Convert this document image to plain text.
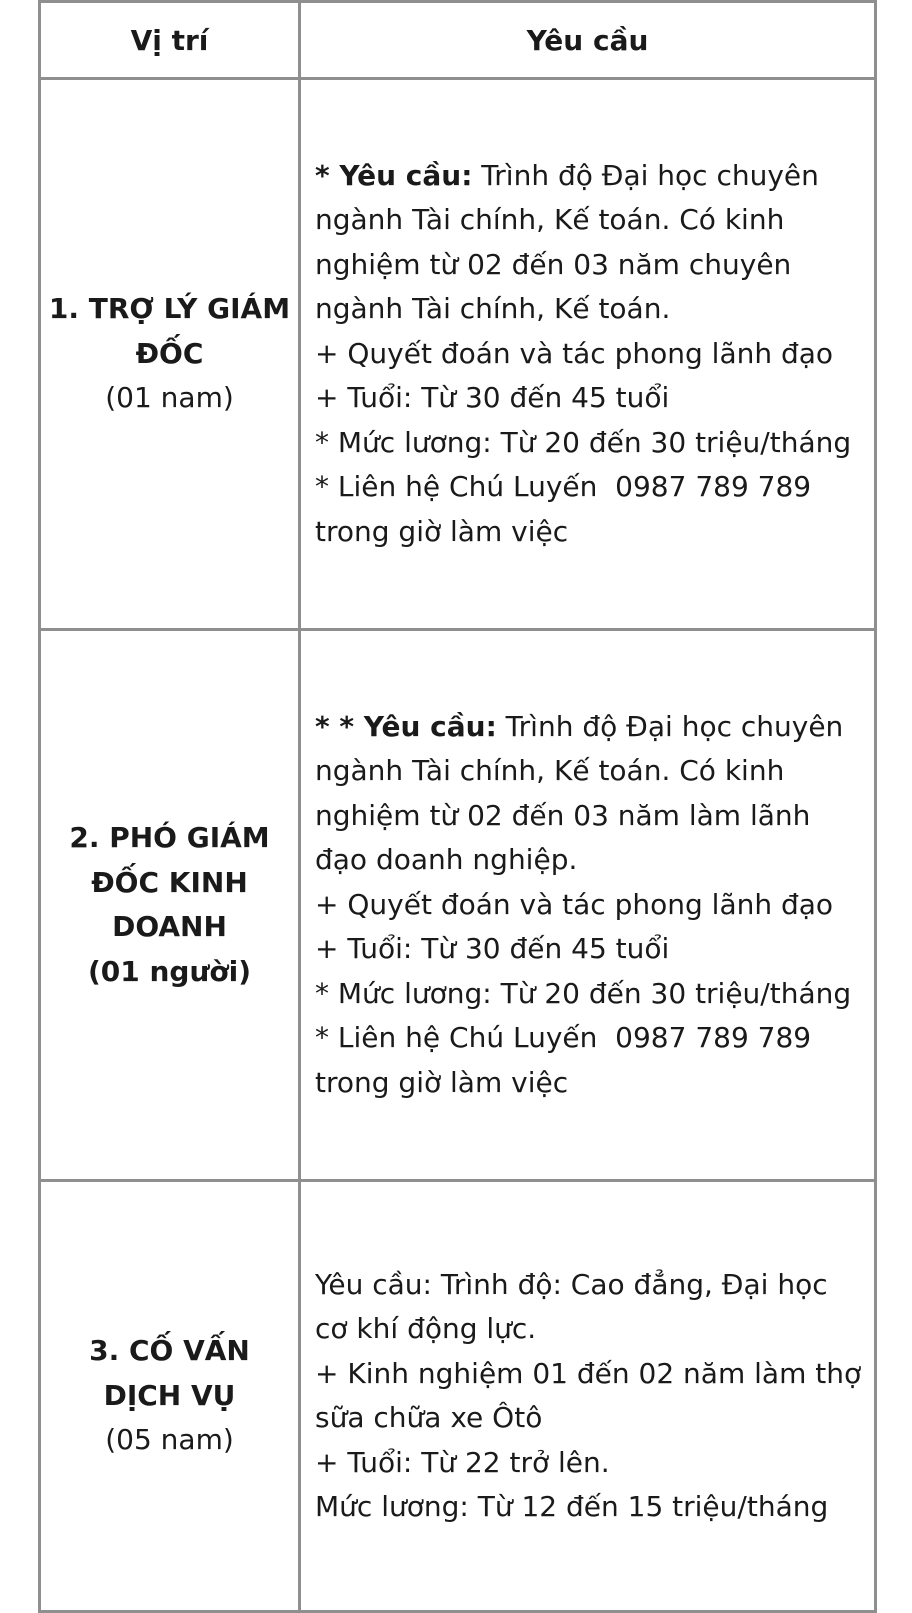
Vị trí	Yêu cầu

1. TRỢ LÝ GIÁM ĐỐC
(01 nam)	* Yêu cầu: Trình độ Đại học chuyên ngành Tài chính, Kế toán. Có kinh nghiệm từ 02 đến 03 năm chuyên ngành Tài chính, Kế toán.
+ Quyết đoán và tác phong lãnh đạo
+ Tuổi: Từ 30 đến 45 tuổi
* Mức lương: Từ 20 đến 30 triệu/tháng
* Liên hệ Chú Luyến  0987 789 789   trong giờ làm việc

2. PHÓ GIÁM ĐỐC KINH DOANH
(01 người)	* * Yêu cầu: Trình độ Đại học chuyên ngành Tài chính, Kế toán. Có kinh nghiệm từ 02 đến 03 năm làm lãnh đạo doanh nghiệp.
+ Quyết đoán và tác phong lãnh đạo
+ Tuổi: Từ 30 đến 45 tuổi
* Mức lương: Từ 20 đến 30 triệu/tháng
* Liên hệ Chú Luyến  0987 789 789   trong giờ làm việc

3. CỐ VẤN DỊCH VỤ
(05 nam)	Yêu cầu: Trình độ: Cao đẳng, Đại học cơ khí động lực.
+ Kinh nghiệm 01 đến 02 năm làm thợ sữa chữa xe Ôtô
+ Tuổi: Từ 22 trở lên.
Mức lương: Từ 12 đến 15 triệu/tháng
